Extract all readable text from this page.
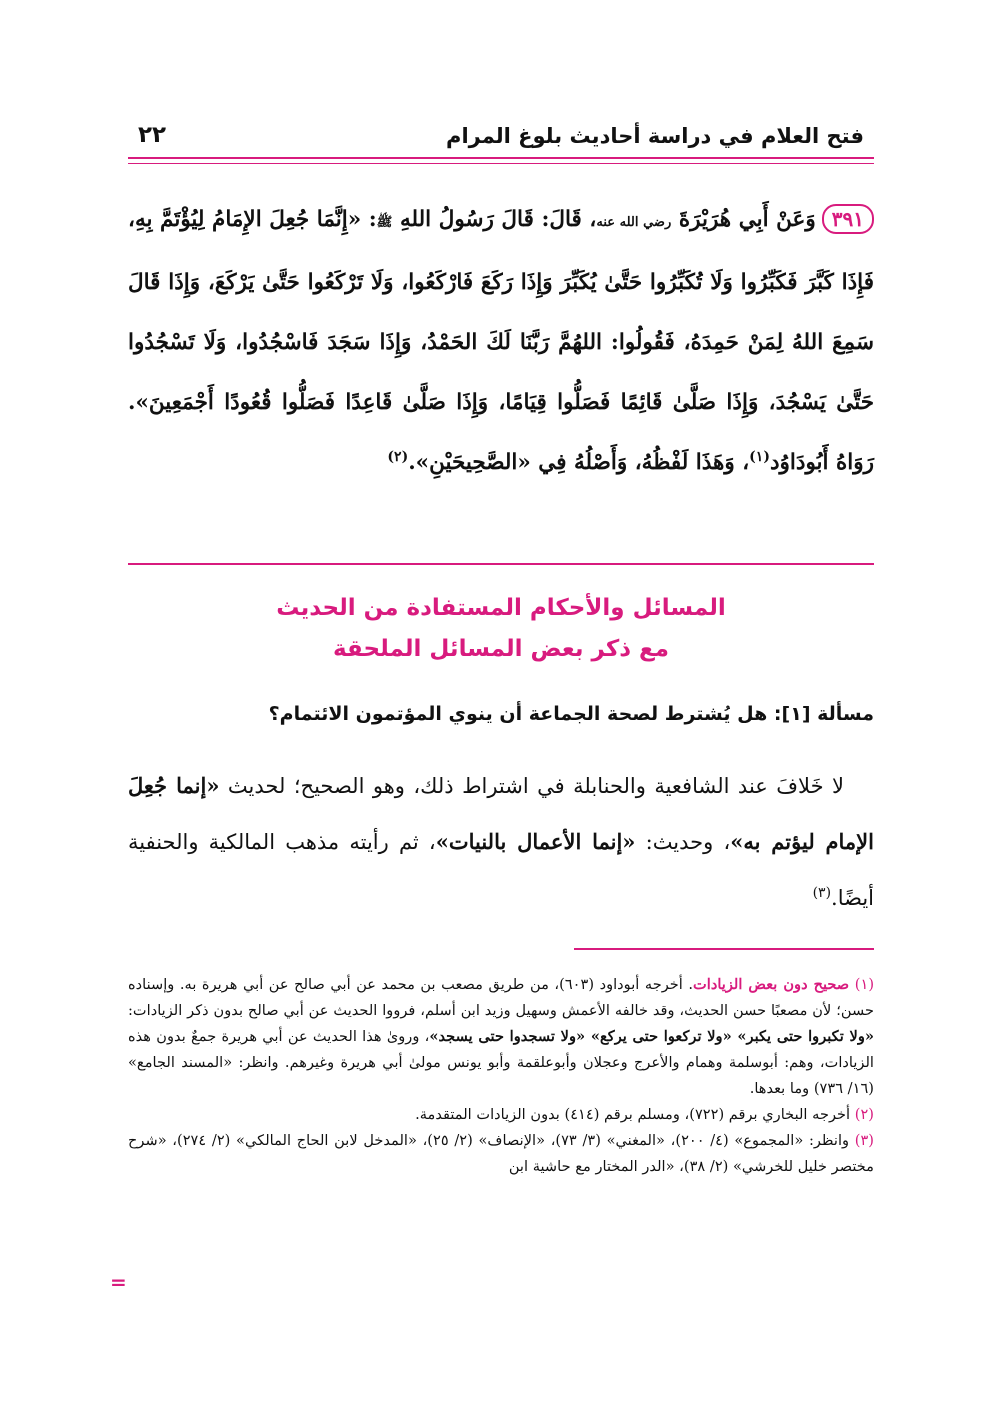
فتح العلام في دراسة أحاديث بلوغ المرام
٢٢
٣٩١وَعَنْ أَبِي هُرَيْرَةَ رضي الله عنه، قَالَ: قَالَ رَسُولُ اللهِ ﷺ: «إِنَّمَا جُعِلَ الإِمَامُ لِيُؤْتَمَّ بِهِ، فَإِذَا كَبَّرَ فَكَبِّرُوا وَلَا تُكَبِّرُوا حَتَّىٰ يُكَبِّرَ وَإِذَا رَكَعَ فَارْكَعُوا، وَلَا تَرْكَعُوا حَتَّىٰ يَرْكَعَ، وَإِذَا قَالَ سَمِعَ اللهُ لِمَنْ حَمِدَهُ، فَقُولُوا: اللهُمَّ رَبَّنَا لَكَ الحَمْدُ، وَإِذَا سَجَدَ فَاسْجُدُوا، وَلَا تَسْجُدُوا حَتَّىٰ يَسْجُدَ، وَإِذَا صَلَّىٰ قَائِمًا فَصَلُّوا قِيَامًا، وَإِذَا صَلَّىٰ قَاعِدًا فَصَلُّوا قُعُودًا أَجْمَعِينَ». رَوَاهُ أَبُودَاوُد$^{(١)}$، وَهَذَا لَفْظُهُ، وَأَصْلُهُ فِي «الصَّحِيحَيْنِ».$^{(٢)}$
المسائل والأحكام المستفادة من الحديث
مع ذكر بعض المسائل الملحقة
مسألة [١]: هل يُشترط لصحة الجماعة أن ينوي المؤتمون الائتمام؟
لا خَلافَ عند الشافعية والحنابلة في اشتراط ذلك، وهو الصحيح؛ لحديث «إنما جُعِلَ الإمام ليؤتم به»، وحديث: «إنما الأعمال بالنيات»، ثم رأيته مذهب المالكية والحنفية أيضًا.$^{(٣)}$
(١) صحيح دون بعض الزيادات. أخرجه أبوداود (٦٠٣)، من طريق مصعب بن محمد عن أبي صالح عن أبي هريرة به. وإسناده حسن؛ لأن مصعبًا حسن الحديث، وقد خالفه الأعمش وسهيل وزيد ابن أسلم، فرووا الحديث عن أبي صالح بدون ذكر الزيادات: «ولا تكبروا حتى يكبر» «ولا تركعوا حتى يركع» «ولا تسجدوا حتى يسجد»، وروىٰ هذا الحديث عن أبي هريرة جمعٌ بدون هذه الزيادات، وهم: أبوسلمة وهمام والأعرج وعجلان وأبوعلقمة وأبو يونس مولىٰ أبي هريرة وغيرهم. وانظر: «المسند الجامع» (١٦/ ٧٣٦) وما بعدها.
(٢) أخرجه البخاري برقم (٧٢٢)، ومسلم برقم (٤١٤) بدون الزيادات المتقدمة.
(٣) وانظر: «المجموع» (٤/ ٢٠٠)، «المغني» (٣/ ٧٣)، «الإنصاف» (٢/ ٢٥)، «المدخل لابن الحاج المالكي» (٢/ ٢٧٤)، «شرح مختصر خليل للخرشي» (٢/ ٣٨)، «الدر المختار مع حاشية ابن
=
